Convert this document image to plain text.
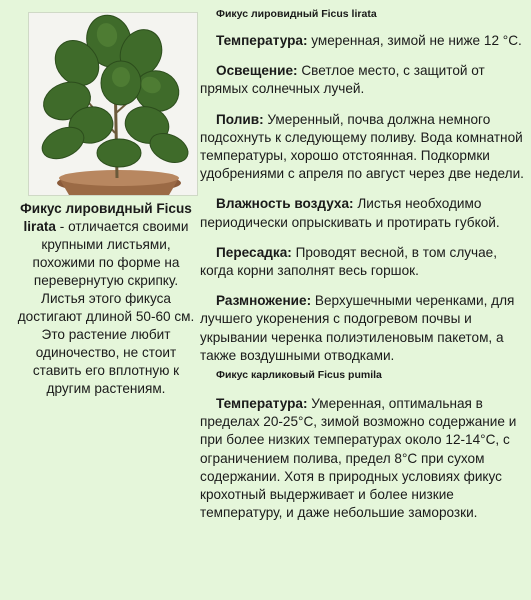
Фикус лировидный Ficus lirata - отличается своими крупными листьями, похожими по форме на перевернутую скрипку. Листья этого фикуса достигают длиной 50-60 см. Это растение любит одиночество, не стоит ставить его вплотную к другим растениям.
Фикус лировидный Ficus lirata

Температура: умеренная, зимой не ниже 12 °С.

Освещение: Светлое место, с защитой от прямых солнечных лучей.

Полив: Умеренный, почва должна немного подсохнуть к следующему поливу. Вода комнатной температуры, хорошо отстоянная. Подкормки удобрениями с апреля по август через две недели.

Влажность воздуха: Листья необходимо периодически опрыскивать и протирать губкой.

Пересадка: Проводят весной, в том случае, когда корни заполнят весь горшок.

Размножение: Верхушечными черенками, для лучшего укоренения с подогревом почвы и укрывании черенка полиэтиленовым пакетом, а также воздушными отводками.

Фикус карликовый Ficus pumila

Температура: Умеренная, оптимальная в пределах 20-25°С, зимой возможно содержание и при более низких температурах около 12-14°С, с ограничением полива, предел 8°С при сухом содержании. Хотя в природных условиях фикус крохотный выдерживает и более низкие температуру, и даже небольшие заморозки.
